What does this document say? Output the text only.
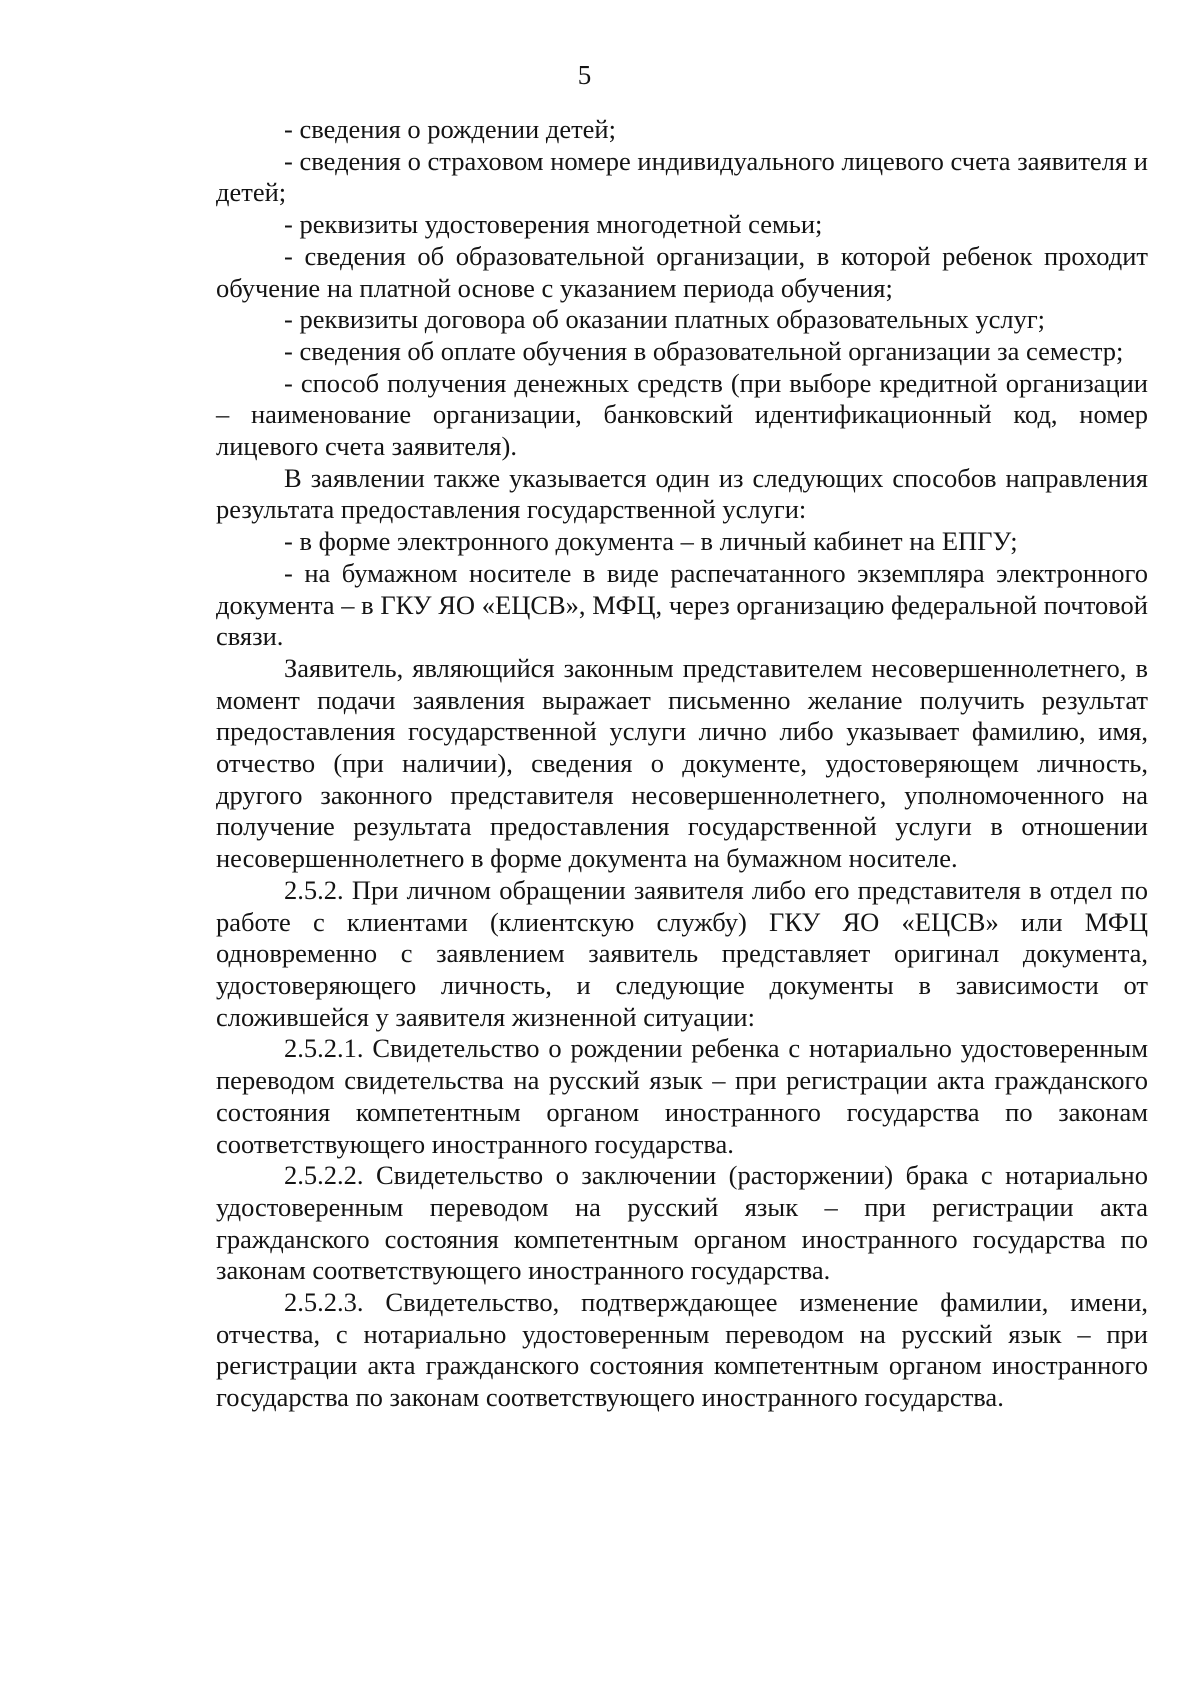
5

- сведения о рождении детей;

- сведения о страховом номере индивидуального лицевого счета заявителя и детей;

- реквизиты удостоверения многодетной семьи;

- сведения об образовательной организации, в которой ребенок проходит обучение на платной основе с указанием периода обучения;

- реквизиты договора об оказании платных образовательных услуг;

- сведения об оплате обучения в образовательной организации за семестр;

- способ получения денежных средств (при выборе кредитной организации – наименование организации, банковский идентификационный код, номер лицевого счета заявителя).

В заявлении также указывается один из следующих способов направления результата предоставления государственной услуги:

- в форме электронного документа – в личный кабинет на ЕПГУ;

- на бумажном носителе в виде распечатанного экземпляра электронного документа – в ГКУ ЯО «ЕЦСВ», МФЦ, через организацию федеральной почтовой связи.

Заявитель, являющийся законным представителем несовершеннолетнего, в момент подачи заявления выражает письменно желание получить результат предоставления государственной услуги лично либо указывает фамилию, имя, отчество (при наличии), сведения о документе, удостоверяющем личность, другого законного представителя несовершеннолетнего, уполномоченного на получение результата предоставления государственной услуги в отношении несовершеннолетнего в форме документа на бумажном носителе.

2.5.2. При личном обращении заявителя либо его представителя в отдел по работе с клиентами (клиентскую службу) ГКУ ЯО «ЕЦСВ» или МФЦ одновременно с заявлением заявитель представляет оригинал документа, удостоверяющего личность, и следующие документы в зависимости от сложившейся у заявителя жизненной ситуации:

2.5.2.1. Свидетельство о рождении ребенка с нотариально удостоверенным переводом свидетельства на русский язык – при регистрации акта гражданского состояния компетентным органом иностранного государства по законам соответствующего иностранного государства.

2.5.2.2. Свидетельство о заключении (расторжении) брака с нотариально удостоверенным переводом на русский язык – при регистрации акта гражданского состояния компетентным органом иностранного государства по законам соответствующего иностранного государства.

2.5.2.3. Свидетельство, подтверждающее изменение фамилии, имени, отчества, с нотариально удостоверенным переводом на русский язык – при регистрации акта гражданского состояния компетентным органом иностранного государства по законам соответствующего иностранного государства.
